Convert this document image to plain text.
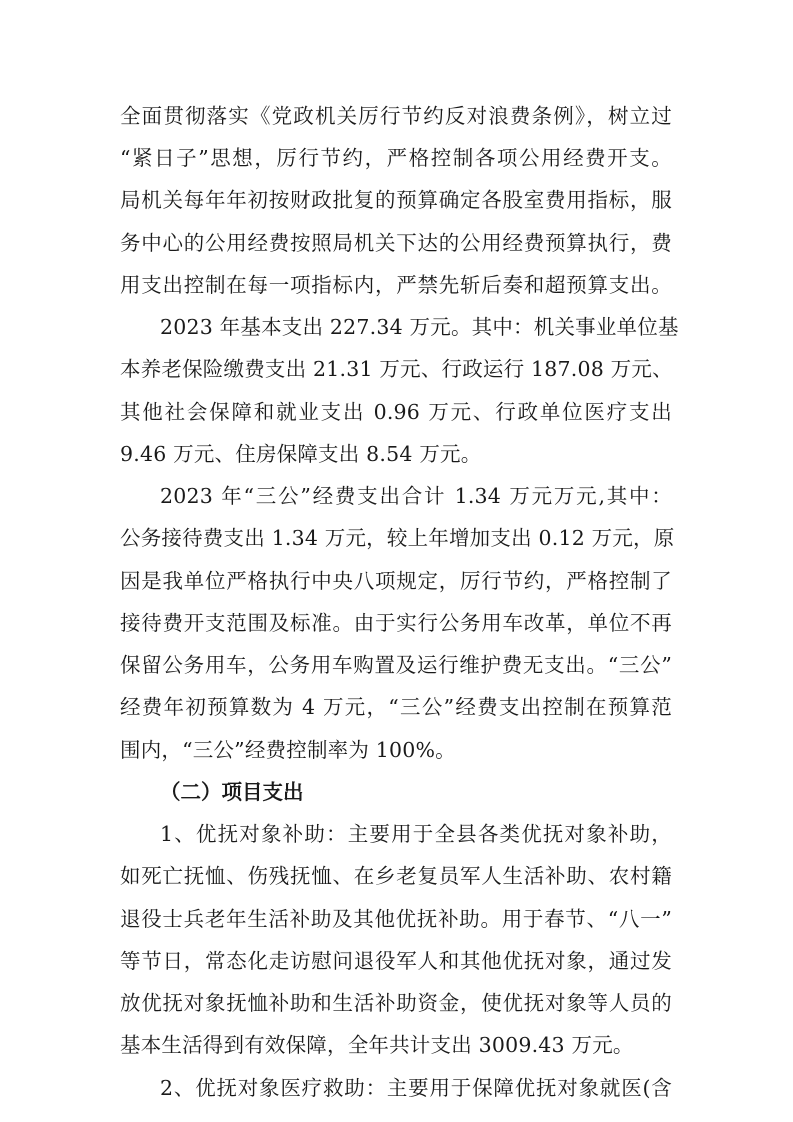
全面贯彻落实《党政机关厉行节约反对浪费条例》，树立过
“紧日子”思想，厉行节约，严格控制各项公用经费开支。
局机关每年年初按财政批复的预算确定各股室费用指标，服
务中心的公用经费按照局机关下达的公用经费预算执行，费
用支出控制在每一项指标内，严禁先斩后奏和超预算支出。
2023 年基本支出 227.34 万元。其中：机关事业单位基
本养老保险缴费支出 21.31 万元、行政运行 187.08 万元、
其他社会保障和就业支出 0.96 万元、行政单位医疗支出
9.46 万元、住房保障支出 8.54 万元。
2023 年“三公”经费支出合计 1.34 万元万元,其中：
公务接待费支出 1.34 万元，较上年增加支出 0.12 万元，原
因是我单位严格执行中央八项规定，厉行节约，严格控制了
接待费开支范围及标准。由于实行公务用车改革，单位不再
保留公务用车，公务用车购置及运行维护费无支出。“三公”
经费年初预算数为 4 万元，“三公”经费支出控制在预算范
围内，“三公”经费控制率为 100%。
（二）项目支出
1、优抚对象补助：主要用于全县各类优抚对象补助，
如死亡抚恤、伤残抚恤、在乡老复员军人生活补助、农村籍
退役士兵老年生活补助及其他优抚补助。用于春节、“八一”
等节日，常态化走访慰问退役军人和其他优抚对象，通过发
放优抚对象抚恤补助和生活补助资金，使优抚对象等人员的
基本生活得到有效保障，全年共计支出 3009.43 万元。
2、优抚对象医疗救助：主要用于保障优抚对象就医(含
